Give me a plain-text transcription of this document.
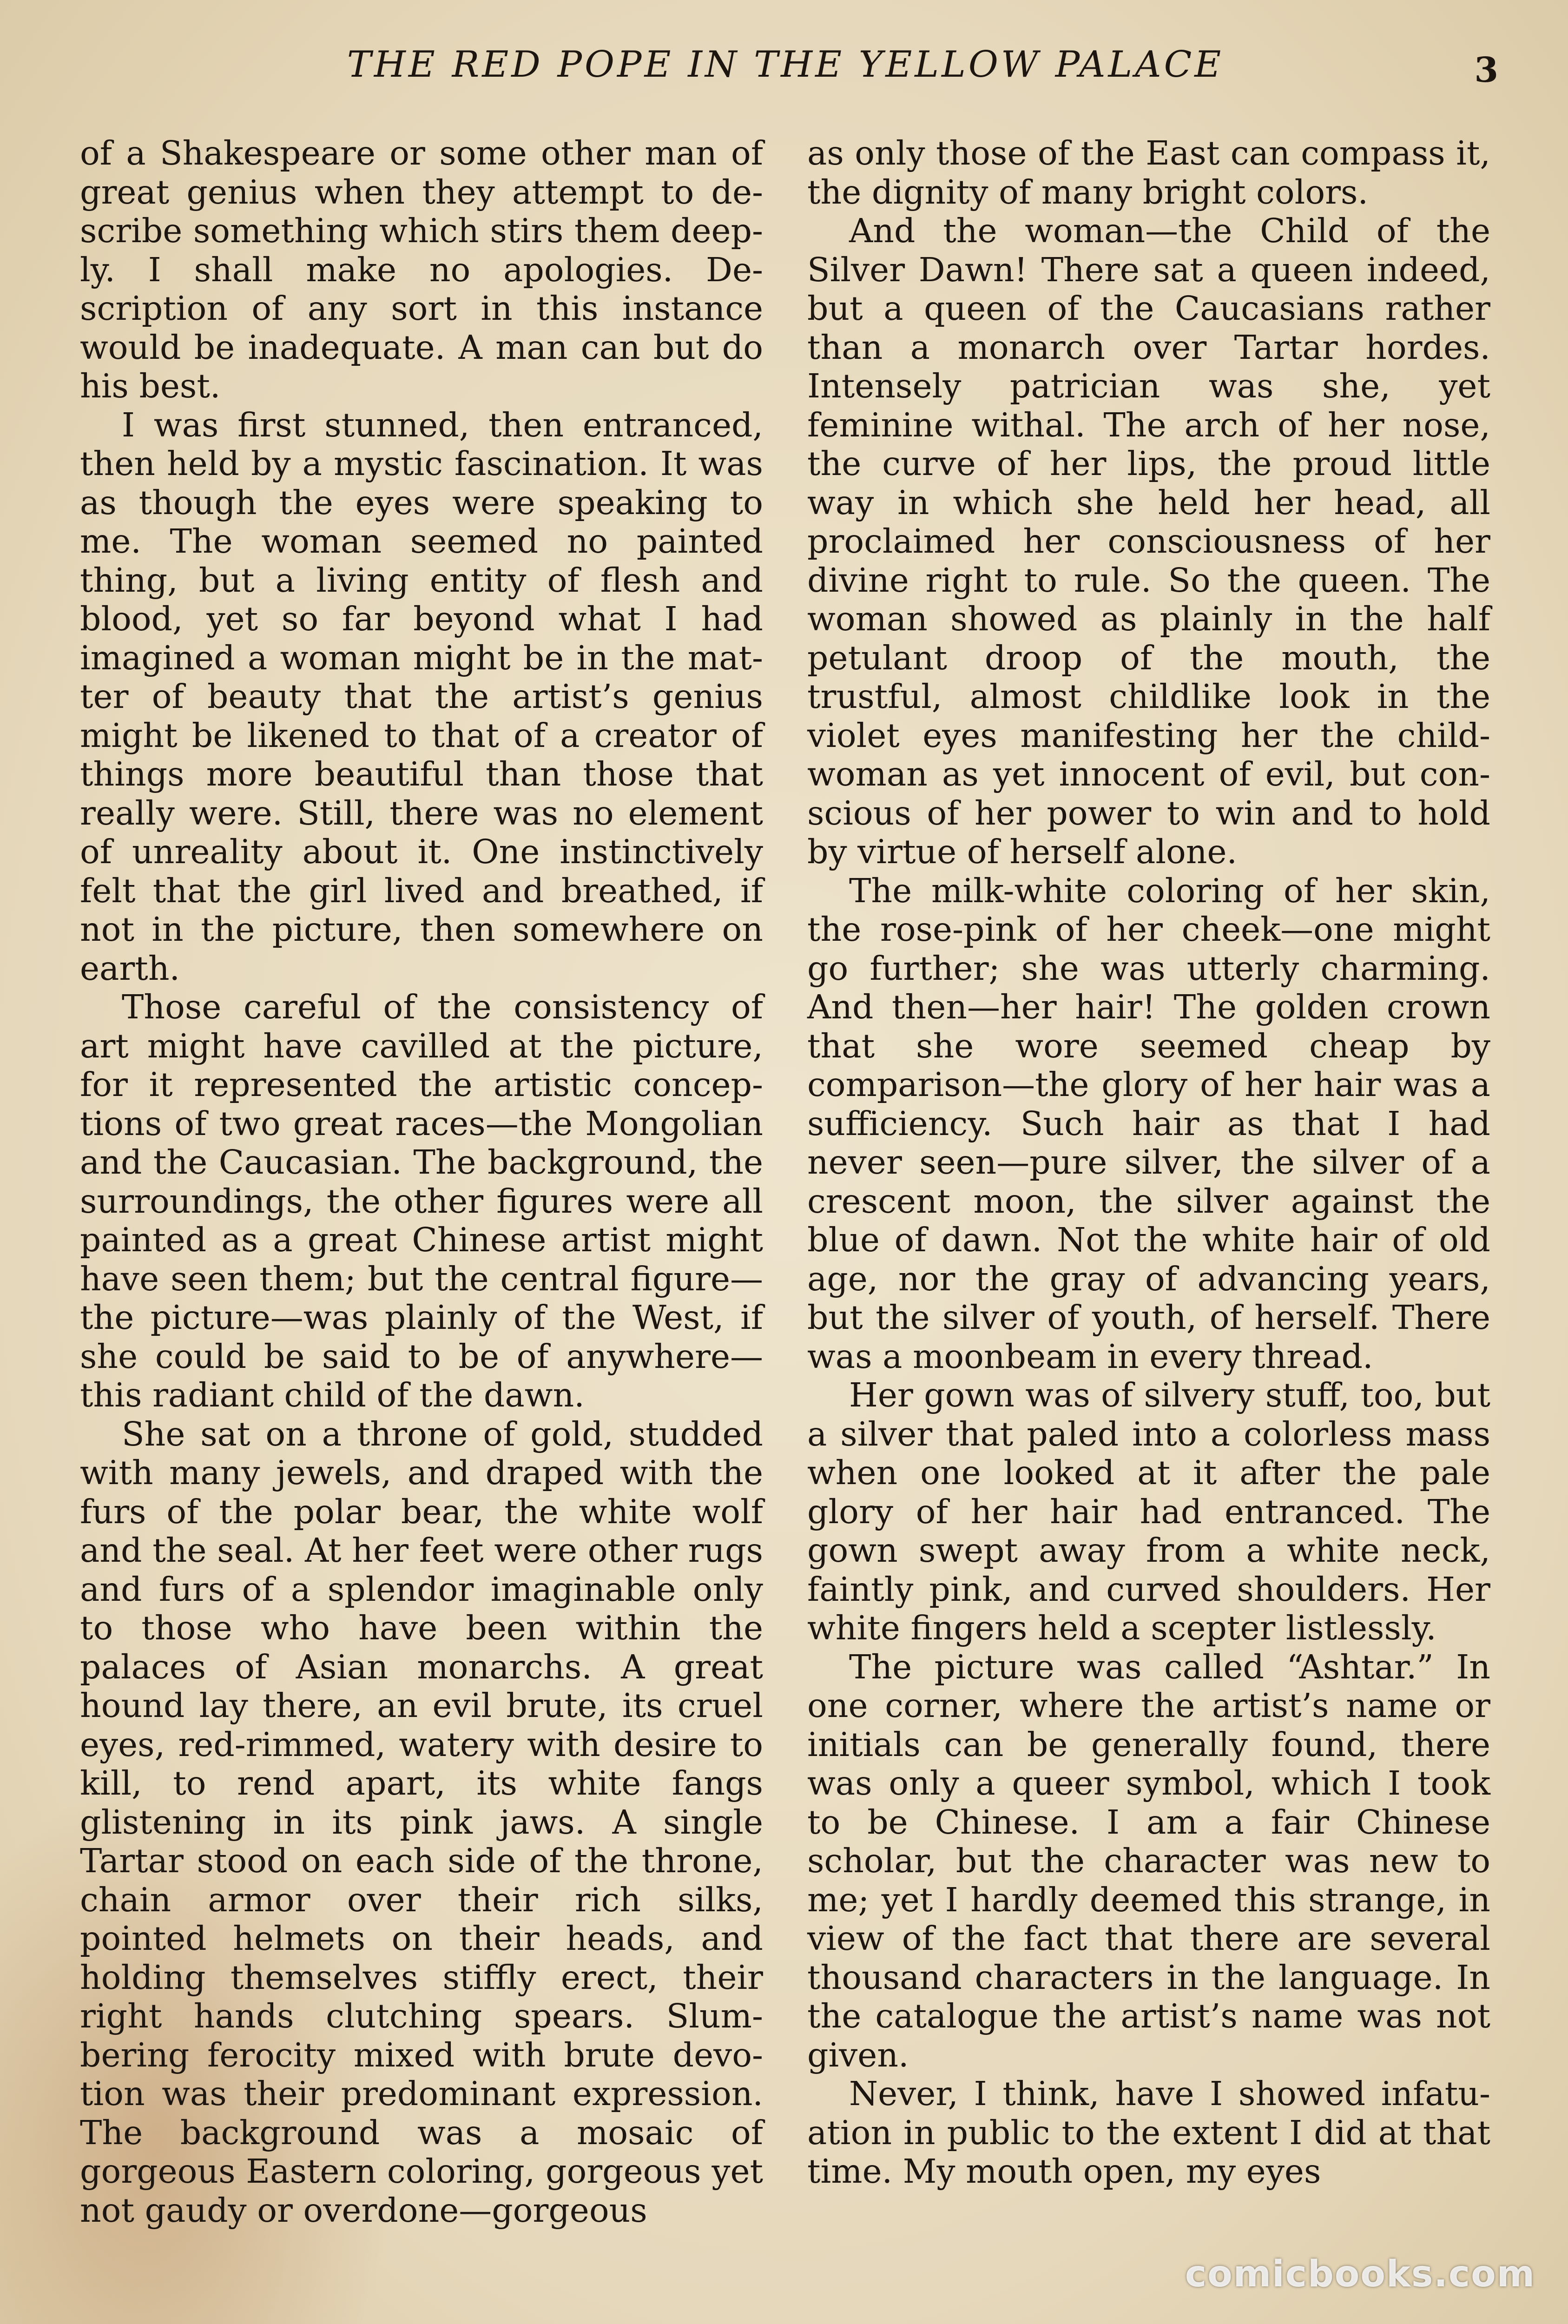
THE RED POPE IN THE YELLOW PALACE	3

of a Shakespeare or some other man of great genius when they attempt to describe something which stirs them deeply. I shall make no apologies. Description of any sort in this instance would be inadequate. A man can but do his best.

I was first stunned, then entranced, then held by a mystic fascination. It was as though the eyes were speaking to me. The woman seemed no painted thing, but a living entity of flesh and blood, yet so far beyond what I had imagined a woman might be in the matter of beauty that the artist’s genius might be likened to that of a creator of things more beautiful than those that really were. Still, there was no element of unreality about it. One instinctively felt that the girl lived and breathed, if not in the picture, then somewhere on earth.

Those careful of the consistency of art might have cavilled at the picture, for it represented the artistic conceptions of two great races—the Mongolian and the Caucasian. The background, the surroundings, the other figures were all painted as a great Chinese artist might have seen them; but the central figure—the picture—was plainly of the West, if she could be said to be of anywhere—this radiant child of the dawn.

She sat on a throne of gold, studded with many jewels, and draped with the furs of the polar bear, the white wolf and the seal. At her feet were other rugs and furs of a splendor imaginable only to those who have been within the palaces of Asian monarchs. A great hound lay there, an evil brute, its cruel eyes, red-rimmed, watery with desire to kill, to rend apart, its white fangs glistening in its pink jaws. A single Tartar stood on each side of the throne, chain armor over their rich silks, pointed helmets on their heads, and holding themselves stiffly erect, their right hands clutching spears. Slumbering ferocity mixed with brute devotion was their predominant expression. The background was a mosaic of gorgeous Eastern coloring, gorgeous yet not gaudy or overdone—gorgeous

as only those of the East can compass it, the dignity of many bright colors.

And the woman—the Child of the Silver Dawn! There sat a queen indeed, but a queen of the Caucasians rather than a monarch over Tartar hordes. Intensely patrician was she, yet feminine withal. The arch of her nose, the curve of her lips, the proud little way in which she held her head, all proclaimed her consciousness of her divine right to rule. So the queen. The woman showed as plainly in the half petulant droop of the mouth, the trustful, almost childlike look in the violet eyes manifesting her the child-woman as yet innocent of evil, but conscious of her power to win and to hold by virtue of herself alone.

The milk-white coloring of her skin, the rose-pink of her cheek—one might go further; she was utterly charming. And then—her hair! The golden crown that she wore seemed cheap by comparison—the glory of her hair was a sufficiency. Such hair as that I had never seen—pure silver, the silver of a crescent moon, the silver against the blue of dawn. Not the white hair of old age, nor the gray of advancing years, but the silver of youth, of herself. There was a moonbeam in every thread.

Her gown was of silvery stuff, too, but a silver that paled into a colorless mass when one looked at it after the pale glory of her hair had entranced. The gown swept away from a white neck, faintly pink, and curved shoulders. Her white fingers held a scepter listlessly.

The picture was called “Ashtar.” In one corner, where the artist’s name or initials can be generally found, there was only a queer symbol, which I took to be Chinese. I am a fair Chinese scholar, but the character was new to me; yet I hardly deemed this strange, in view of the fact that there are several thousand characters in the language. In the catalogue the artist’s name was not given.

Never, I think, have I showed infatuation in public to the extent I did at that time. My mouth open, my eyes

comicbooks.com
